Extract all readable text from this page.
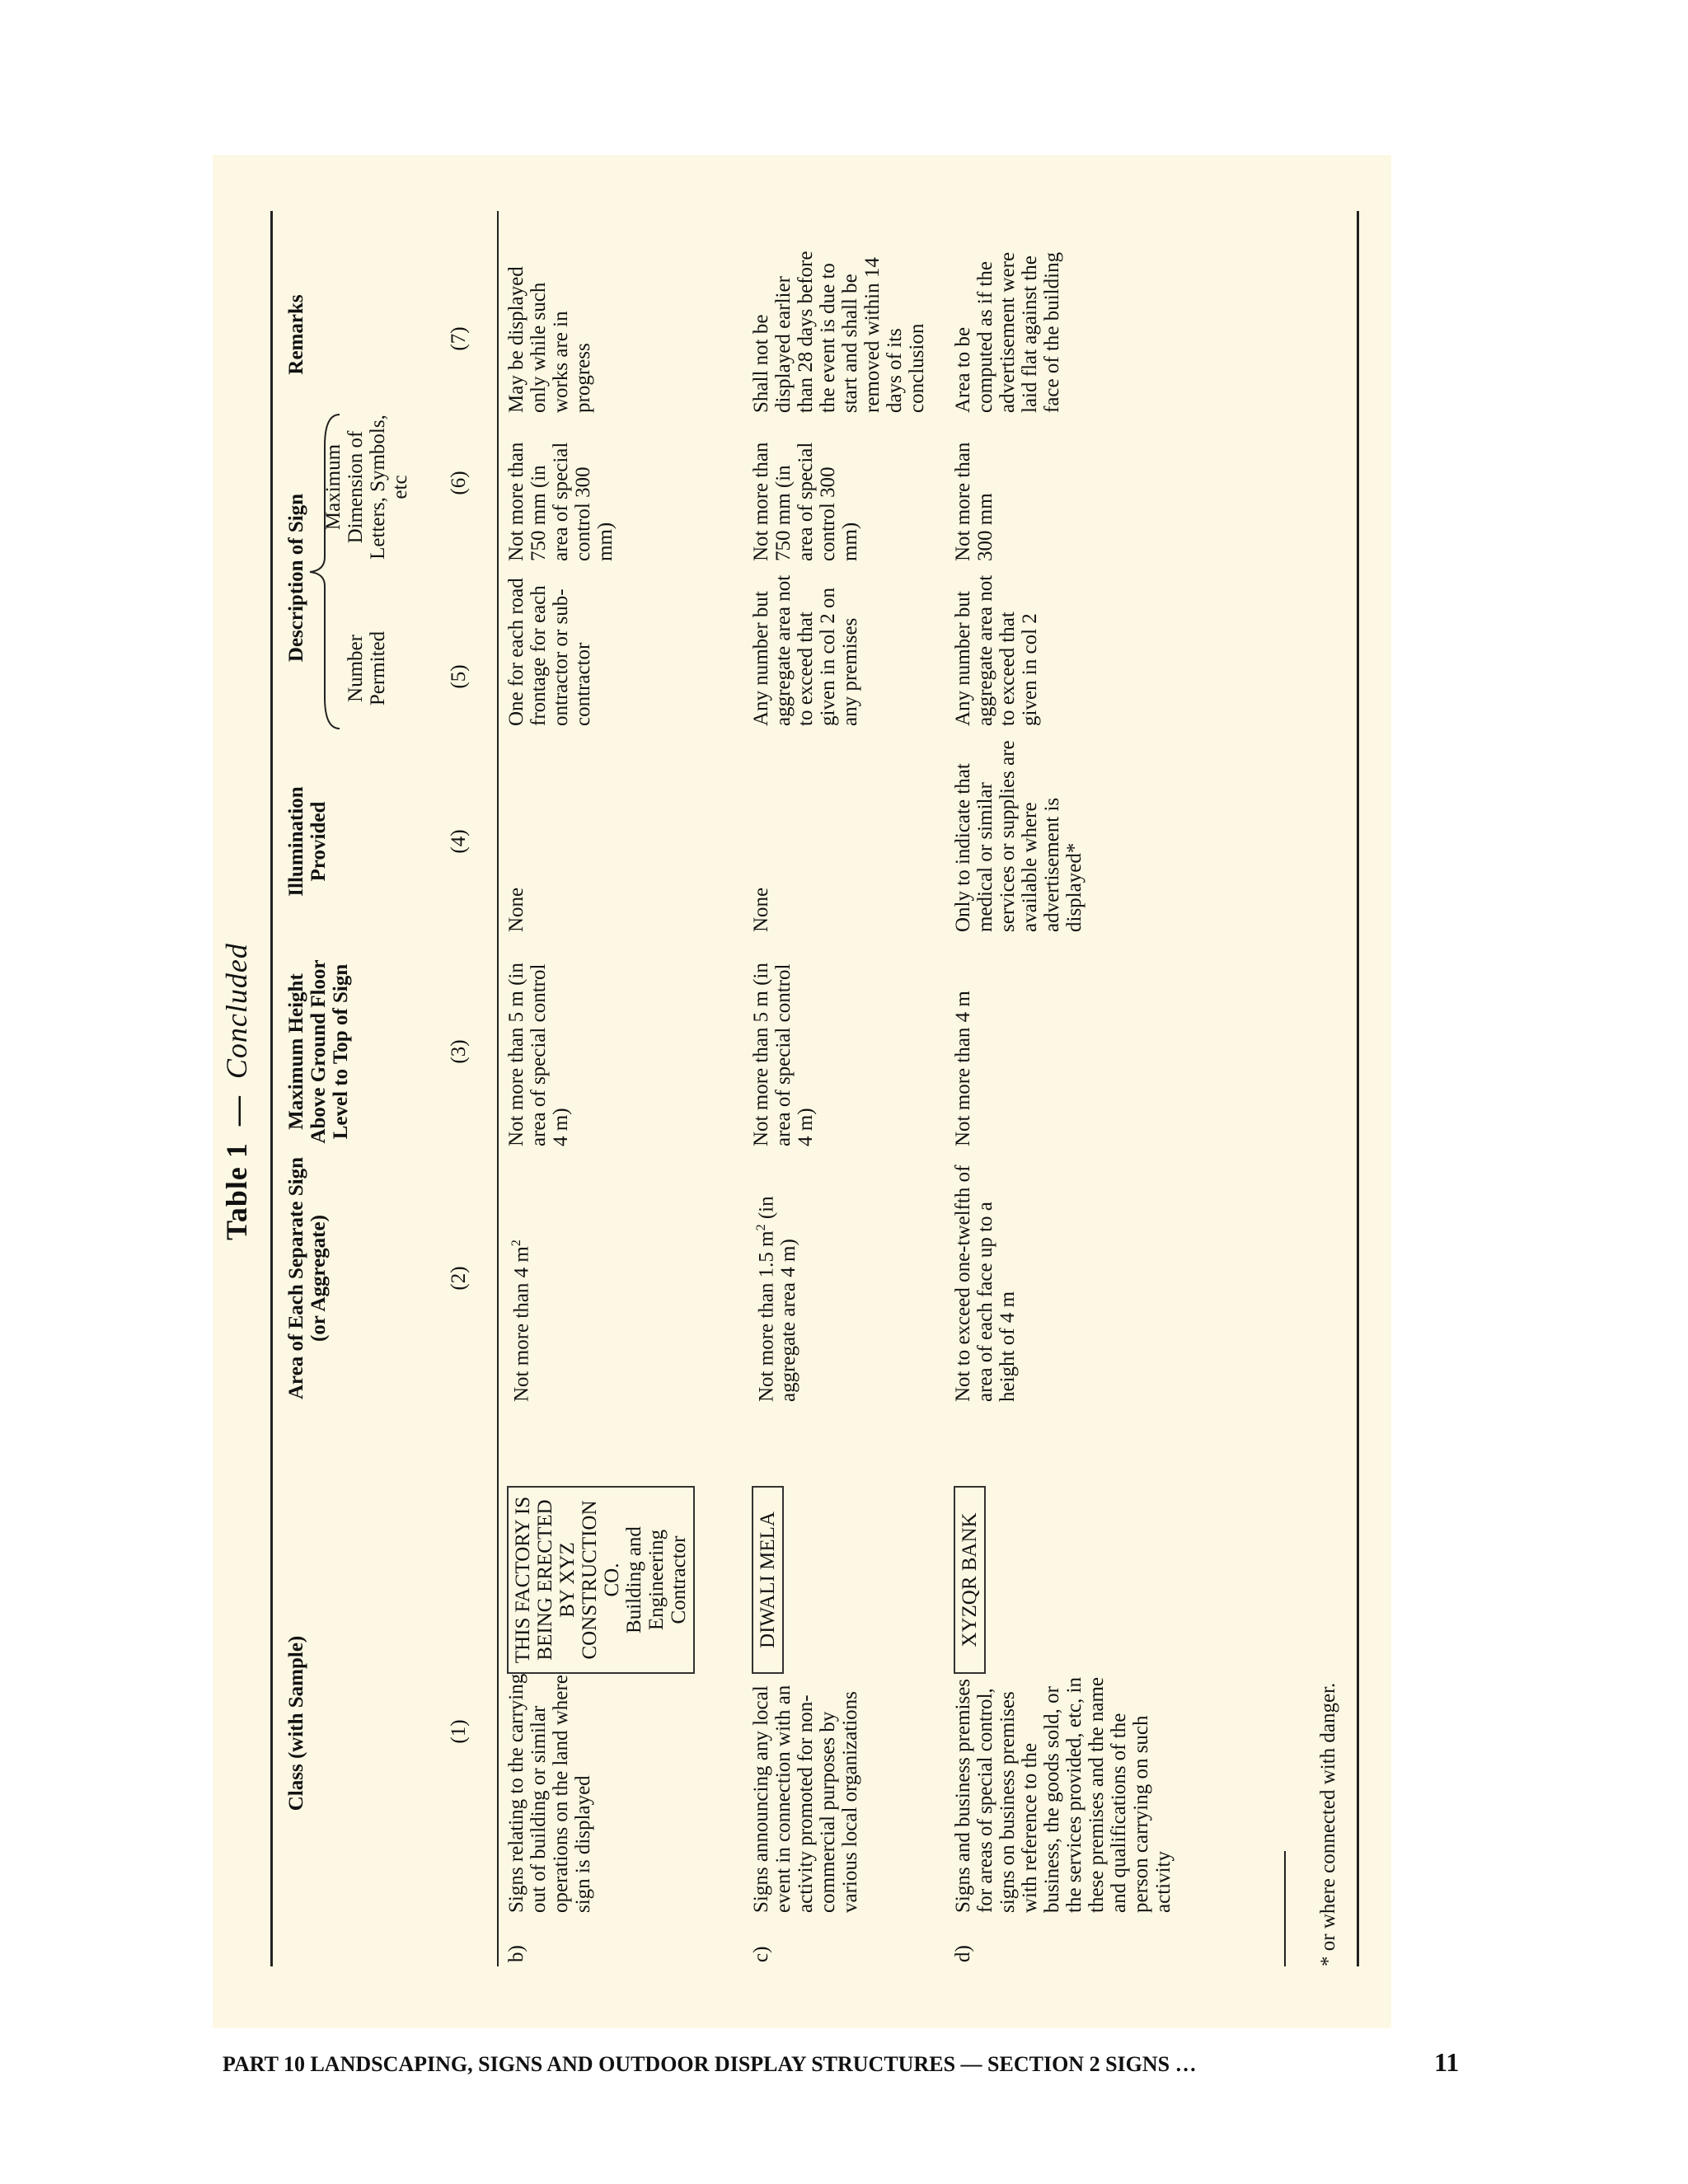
Table 1  —  Concluded
Class (with Sample)
Area of Each Separate Sign (or Aggregate)
Maximum Height Above Ground Floor Level to Top of Sign
Illumination Provided
Description of Sign
Number Permited
Maximum Dimension of Letters, Symbols, etc
Remarks
(1)
(2)
(3)
(4)
(5)
(6)
(7)
b)
Signs relating to the carrying out of building or similar operations on the land where sign is displayed
THIS FACTORY IS BEING ERECTED BY XYZ CONSTRUCTION CO. Building and Engineering Contractor
Not more than 4 $m^2$
Not more than 5 m (in area of special control 4 m)
None
One for each road frontage for each ontractor or sub-contractor
Not more than 750 mm (in area of special control 300 mm)
May be displayed only while such works are in progress
c)
Signs announcing any local event in connection with an activity promoted for non-commercial purposes by various local organizations
DIWALI MELA
Not more than 1.5 $m^2$ (in aggregate area 4 m)
Not more than 5 m (in area of special control 4 m)
None
Any number but aggregate area not to exceed that given in col 2 on any premises
Not more than 750 mm (in area of special control 300 mm)
Shall not be displayed earlier than 28 days before the event is due to start and shall be removed within 14 days of its conclusion
d)
Signs and business premises for areas of special control, signs on business premises with reference to the business, the goods sold, or the services provided, etc, in these premises and the name and qualifications of the person carrying on such activity
XYZQR BANK
Not to exceed one-twelfth of area of each face up to a height of 4 m
Not more than 4 m
Only to indicate that medical or similar services or supplies are available where advertisement is displayed*
Any number but aggregate area not to exceed that given in col 2
Not more than 300 mm
Area to be computed as if the advertisement were laid flat against the face of the building
* or where connected with danger.
PART 10 LANDSCAPING, SIGNS AND OUTDOOR DISPLAY STRUCTURES — SECTION 2 SIGNS …	11
